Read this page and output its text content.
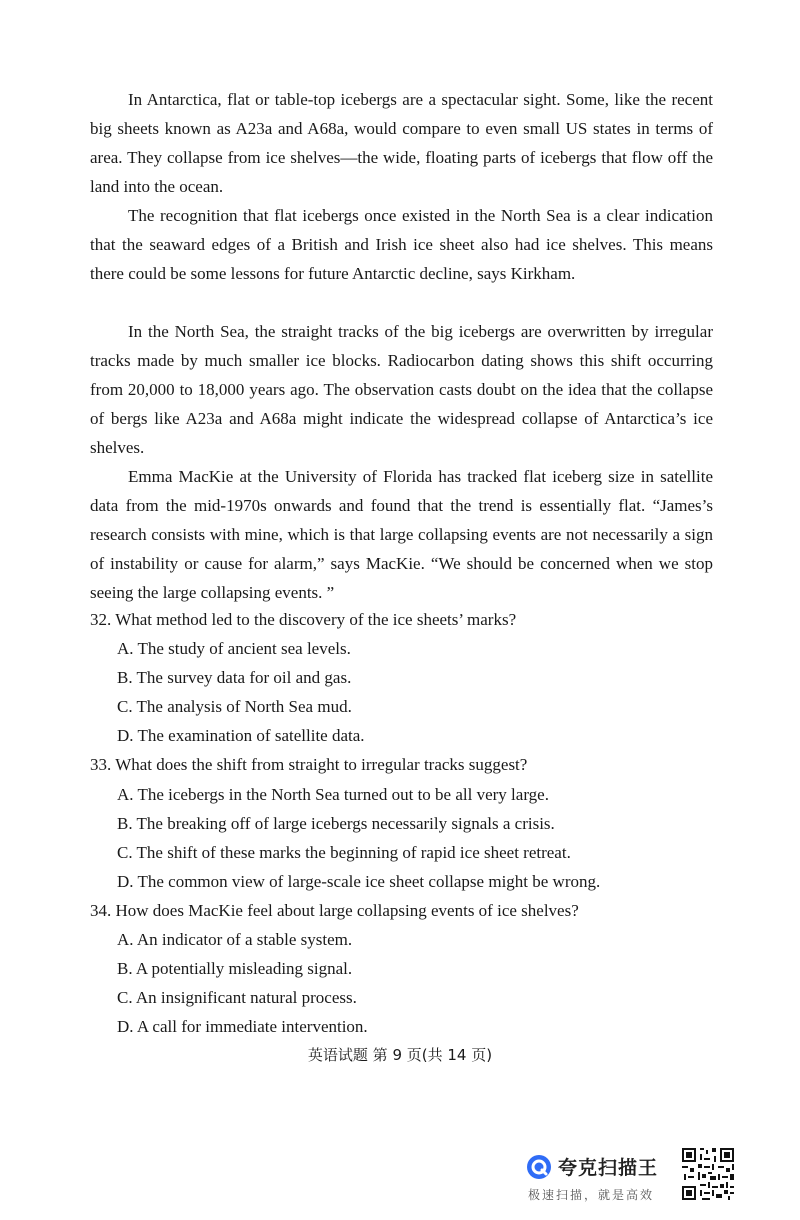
In Antarctica, flat or table-top icebergs are a spectacular sight. Some, like the recent big sheets known as A23a and A68a, would compare to even small US states in terms of area. They collapse from ice shelves—the wide, floating parts of icebergs that flow off the land into the ocean.

The recognition that flat icebergs once existed in the North Sea is a clear indication that the seaward edges of a British and Irish ice sheet also had ice shelves. This means there could be some lessons for future Antarctic decline, says Kirkham.

In the North Sea, the straight tracks of the big icebergs are overwritten by irregular tracks made by much smaller ice blocks. Radiocarbon dating shows this shift occurring from 20,000 to 18,000 years ago. The observation casts doubt on the idea that the collapse of bergs like A23a and A68a might indicate the widespread collapse of Antarctica’s ice shelves.

Emma MacKie at the University of Florida has tracked flat iceberg size in satellite data from the mid-1970s onwards and found that the trend is essentially flat. “James’s research consists with mine, which is that large collapsing events are not necessarily a sign of instability or cause for alarm,” says MacKie. “We should be concerned when we stop seeing the large collapsing events. ”

32. What method led to the discovery of the ice sheets’ marks?

A. The study of ancient sea levels.

B. The survey data for oil and gas.

C. The analysis of North Sea mud.

D. The examination of satellite data.

33. What does the shift from straight to irregular tracks suggest?

A. The icebergs in the North Sea turned out to be all very large.

B. The breaking off of large icebergs necessarily signals a crisis.

C. The shift of these marks the beginning of rapid ice sheet retreat.

D. The common view of large-scale ice sheet collapse might be wrong.

34. How does MacKie feel about large collapsing events of ice shelves?

A. An indicator of a stable system.

B. A potentially misleading signal.

C. An insignificant natural process.

D. A call for immediate intervention.

英语试题 第 9 页(共 14 页)
夸克扫描王
极速扫描，就是高效
